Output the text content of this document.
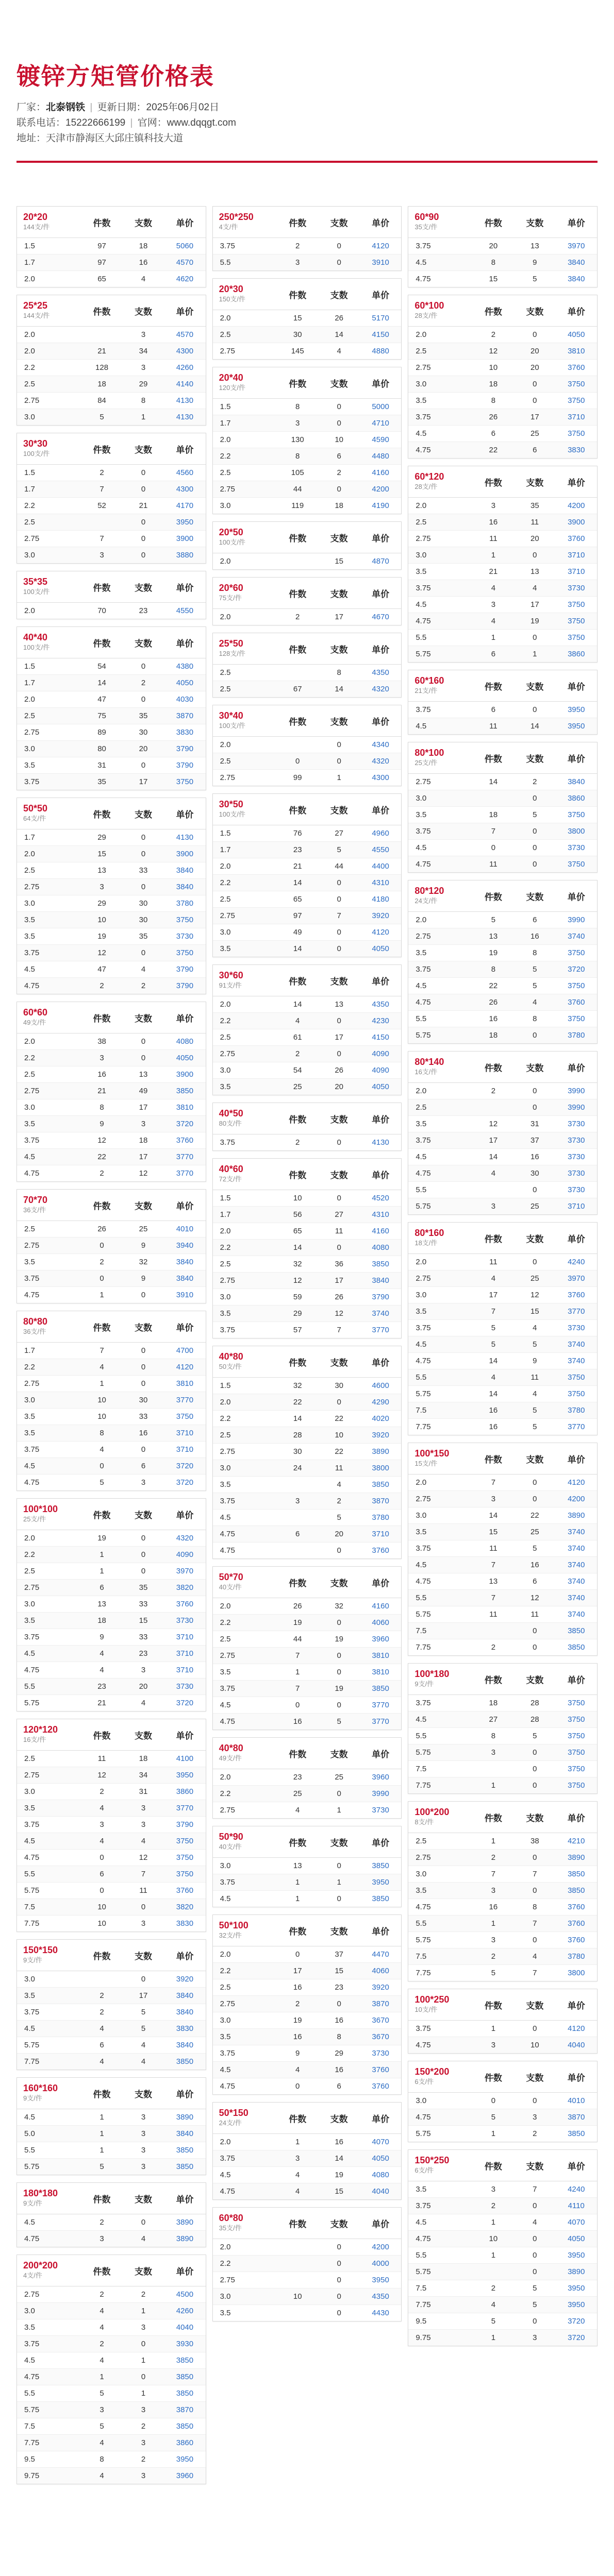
镀锌方矩管价格表
厂家：北泰钢铁 | 更新日期：2025年06月02日
联系电话：15222666199 | 官网：www.dqqgt.com
地址：天津市静海区大邱庄镇科技大道
20*20
144支/件	件数	支数	单价
1.5	97	18	5060
1.7	97	16	4570
2.0	65	4	4620
25*25
144支/件	件数	支数	单价
2.0		3	4570
2.0	21	34	4300
2.2	128	3	4260
2.5	18	29	4140
2.75	84	8	4130
3.0	5	1	4130
30*30
100支/件	件数	支数	单价
1.5	2	0	4560
1.7	7	0	4300
2.2	52	21	4170
2.5		0	3950
2.75	7	0	3900
3.0	3	0	3880
35*35
100支/件	件数	支数	单价
2.0	70	23	4550
40*40
100支/件	件数	支数	单价
1.5	54	0	4380
1.7	14	2	4050
2.0	47	0	4030
2.5	75	35	3870
2.75	89	30	3830
3.0	80	20	3790
3.5	31	0	3790
3.75	35	17	3750
50*50
64支/件	件数	支数	单价
1.7	29	0	4130
2.0	15	0	3900
2.5	13	33	3840
2.75	3	0	3840
3.0	29	30	3780
3.5	10	30	3750
3.5	19	35	3730
3.75	12	0	3750
4.5	47	4	3790
4.75	2	2	3790
60*60
49支/件	件数	支数	单价
2.0	38	0	4080
2.2	3	0	4050
2.5	16	13	3900
2.75	21	49	3850
3.0	8	17	3810
3.5	9	3	3720
3.75	12	18	3760
4.5	22	17	3770
4.75	2	12	3770
70*70
36支/件	件数	支数	单价
2.5	26	25	4010
2.75	0	9	3940
3.5	2	32	3840
3.75	0	9	3840
4.75	1	0	3910
80*80
36支/件	件数	支数	单价
1.7	7	0	4700
2.2	4	0	4120
2.75	1	0	3810
3.0	10	30	3770
3.5	10	33	3750
3.5	8	16	3710
3.75	4	0	3710
4.5	0	6	3720
4.75	5	3	3720
100*100
25支/件	件数	支数	单价
2.0	19	0	4320
2.2	1	0	4090
2.5	1	0	3970
2.75	6	35	3820
3.0	13	33	3760
3.5	18	15	3730
3.75	9	33	3710
4.5	4	23	3710
4.75	4	3	3710
5.5	23	20	3730
5.75	21	4	3720
120*120
16支/件	件数	支数	单价
2.5	11	18	4100
2.75	12	34	3950
3.0	2	31	3860
3.5	4	3	3770
3.75	3	3	3790
4.5	4	4	3750
4.75	0	12	3750
5.5	6	7	3750
5.75	0	11	3760
7.5	10	0	3820
7.75	10	3	3830
150*150
9支/件	件数	支数	单价
3.0		0	3920
3.5	2	17	3840
3.75	2	5	3840
4.5	4	5	3830
5.75	6	4	3840
7.75	4	4	3850
160*160
9支/件	件数	支数	单价
4.5	1	3	3890
5.0	1	3	3840
5.5	1	3	3850
5.75	5	3	3850
180*180
9支/件	件数	支数	单价
4.5	2	0	3890
4.75	3	4	3890
200*200
4支/件	件数	支数	单价
2.75	2	2	4500
3.0	4	1	4260
3.5	4	3	4040
3.75	2	0	3930
4.5	4	1	3850
4.75	1	0	3850
5.5	5	1	3850
5.75	3	3	3870
7.5	5	2	3850
7.75	4	3	3860
9.5	8	2	3950
9.75	4	3	3960
250*250
4支/件	件数	支数	单价
3.75	2	0	4120
5.5	3	0	3910
20*30
150支/件	件数	支数	单价
2.0	15	26	5170
2.5	30	14	4150
2.75	145	4	4880
20*40
120支/件	件数	支数	单价
1.5	8	0	5000
1.7	3	0	4710
2.0	130	10	4590
2.2	8	6	4480
2.5	105	2	4160
2.75	44	0	4200
3.0	119	18	4190
20*50
100支/件	件数	支数	单价
2.0		15	4870
20*60
75支/件	件数	支数	单价
2.0	2	17	4670
25*50
128支/件	件数	支数	单价
2.5		8	4350
2.5	67	14	4320
30*40
100支/件	件数	支数	单价
2.0		0	4340
2.5	0	0	4320
2.75	99	1	4300
30*50
100支/件	件数	支数	单价
1.5	76	27	4960
1.7	23	5	4550
2.0	21	44	4400
2.2	14	0	4310
2.5	65	0	4180
2.75	97	7	3920
3.0	49	0	4120
3.5	14	0	4050
30*60
91支/件	件数	支数	单价
2.0	14	13	4350
2.2	4	0	4230
2.5	61	17	4150
2.75	2	0	4090
3.0	54	26	4090
3.5	25	20	4050
40*50
80支/件	件数	支数	单价
3.75	2	0	4130
40*60
72支/件	件数	支数	单价
1.5	10	0	4520
1.7	56	27	4310
2.0	65	11	4160
2.2	14	0	4080
2.5	32	36	3850
2.75	12	17	3840
3.0	59	26	3790
3.5	29	12	3740
3.75	57	7	3770
40*80
50支/件	件数	支数	单价
1.5	32	30	4600
2.0	22	0	4290
2.2	14	22	4020
2.5	28	10	3920
2.75	30	22	3890
3.0	24	11	3800
3.5		4	3850
3.75	3	2	3870
4.5		5	3780
4.75	6	20	3710
4.75		0	3760
50*70
40支/件	件数	支数	单价
2.0	26	32	4160
2.2	19	0	4060
2.5	44	19	3960
2.75	7	0	3810
3.5	1	0	3810
3.75	7	19	3850
4.5	0	0	3770
4.75	16	5	3770
40*80
49支/件	件数	支数	单价
2.0	23	25	3960
2.2	25	0	3990
2.75	4	1	3730
50*90
40支/件	件数	支数	单价
3.0	13	0	3850
3.75	1	1	3950
4.5	1	0	3850
50*100
32支/件	件数	支数	单价
2.0	0	37	4470
2.2	17	15	4060
2.5	16	23	3920
2.75	2	0	3870
3.0	19	16	3670
3.5	16	8	3670
3.75	9	29	3730
4.5	4	16	3760
4.75	0	6	3760
50*150
24支/件	件数	支数	单价
2.0	1	16	4070
3.75	3	14	4050
4.5	4	19	4080
4.75	4	15	4040
60*80
35支/件	件数	支数	单价
2.0		0	4200
2.2		0	4000
2.75		0	3950
3.0	10	0	4350
3.5		0	4430
60*90
35支/件	件数	支数	单价
3.75	20	13	3970
4.5	8	9	3840
4.75	15	5	3840
60*100
28支/件	件数	支数	单价
2.0	2	0	4050
2.5	12	20	3810
2.75	10	20	3760
3.0	18	0	3750
3.5	8	0	3750
3.75	26	17	3710
4.5	6	25	3750
4.75	22	6	3830
60*120
28支/件	件数	支数	单价
2.0	3	35	4200
2.5	16	11	3900
2.75	11	20	3760
3.0	1	0	3710
3.5	21	13	3710
3.75	4	4	3730
4.5	3	17	3750
4.75	4	19	3750
5.5	1	0	3750
5.75	6	1	3860
60*160
21支/件	件数	支数	单价
3.75	6	0	3950
4.5	11	14	3950
80*100
25支/件	件数	支数	单价
2.75	14	2	3840
3.0		0	3860
3.5	18	5	3750
3.75	7	0	3800
4.5	0	0	3730
4.75	11	0	3750
80*120
24支/件	件数	支数	单价
2.0	5	6	3990
2.75	13	16	3740
3.5	19	8	3750
3.75	8	5	3720
4.5	22	5	3750
4.75	26	4	3760
5.5	16	8	3750
5.75	18	0	3780
80*140
16支/件	件数	支数	单价
2.0	2	0	3990
2.5		0	3990
3.5	12	31	3730
3.75	17	37	3730
4.5	14	16	3730
4.75	4	30	3730
5.5		0	3730
5.75	3	25	3710
80*160
18支/件	件数	支数	单价
2.0	11	0	4240
2.75	4	25	3970
3.0	17	12	3760
3.5	7	15	3770
3.75	5	4	3730
4.5	5	5	3740
4.75	14	9	3740
5.5	4	11	3750
5.75	14	4	3750
7.5	16	5	3780
7.75	16	5	3770
100*150
15支/件	件数	支数	单价
2.0	7	0	4120
2.75	3	0	4200
3.0	14	22	3890
3.5	15	25	3740
3.75	11	5	3740
4.5	7	16	3740
4.75	13	6	3740
5.5	7	12	3740
5.75	11	11	3740
7.5		0	3850
7.75	2	0	3850
100*180
9支/件	件数	支数	单价
3.75	18	28	3750
4.5	27	28	3750
5.5	8	5	3750
5.75	3	0	3750
7.5		0	3750
7.75	1	0	3750
100*200
8支/件	件数	支数	单价
2.5	1	38	4210
2.75	2	0	3890
3.0	7	7	3850
3.5	3	0	3850
4.75	16	8	3760
5.5	1	7	3760
5.75	3	0	3760
7.5	2	4	3780
7.75	5	7	3800
100*250
10支/件	件数	支数	单价
3.75	1	0	4120
4.75	3	10	4040
150*200
6支/件	件数	支数	单价
3.0	0	0	4010
4.75	5	3	3870
5.75	1	2	3850
150*250
6支/件	件数	支数	单价
3.5	3	7	4240
3.75	2	0	4110
4.5	1	4	4070
4.75	10	0	4050
5.5	1	0	3950
5.75		0	3890
7.5	2	5	3950
7.75	4	5	3950
9.5	5	0	3720
9.75	1	3	3720
